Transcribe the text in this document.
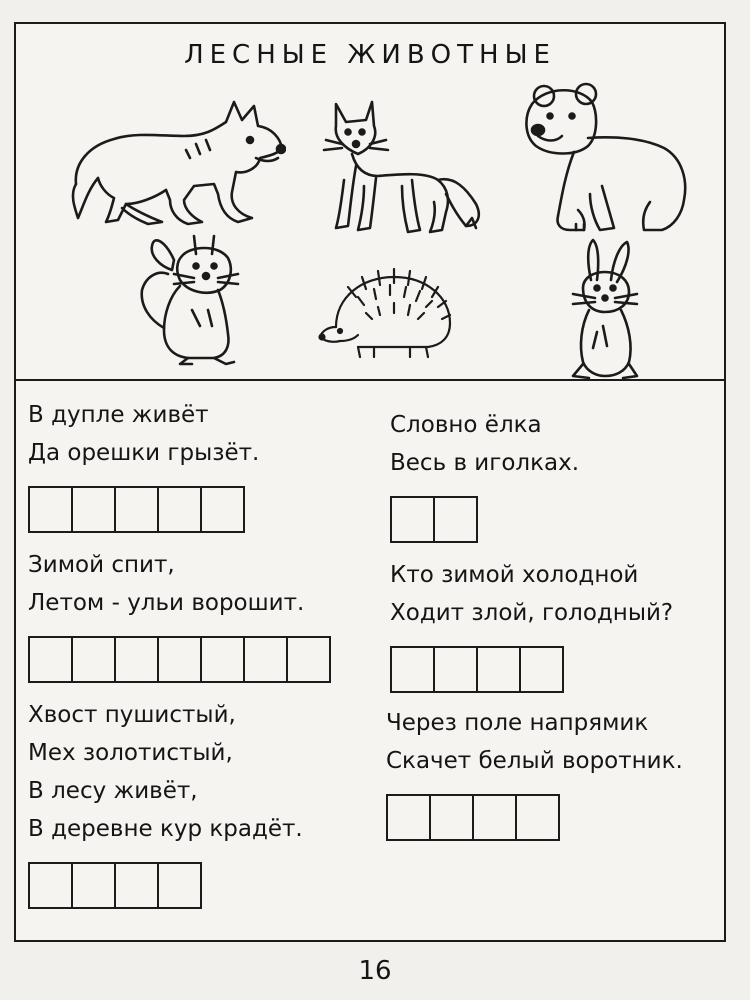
ЛЕСНЫЕ ЖИВОТНЫЕ
В дупле живёт
Да орешки грызёт.
Словно ёлка
Весь в иголках.
Зимой спит,
Летом - ульи ворошит.
Кто зимой холодной
Ходит злой, голодный?
Хвост пушистый,
Мех золотистый,
В лесу живёт,
В деревне кур крадёт.
Через поле напрямик
Скачет белый воротник.
16
